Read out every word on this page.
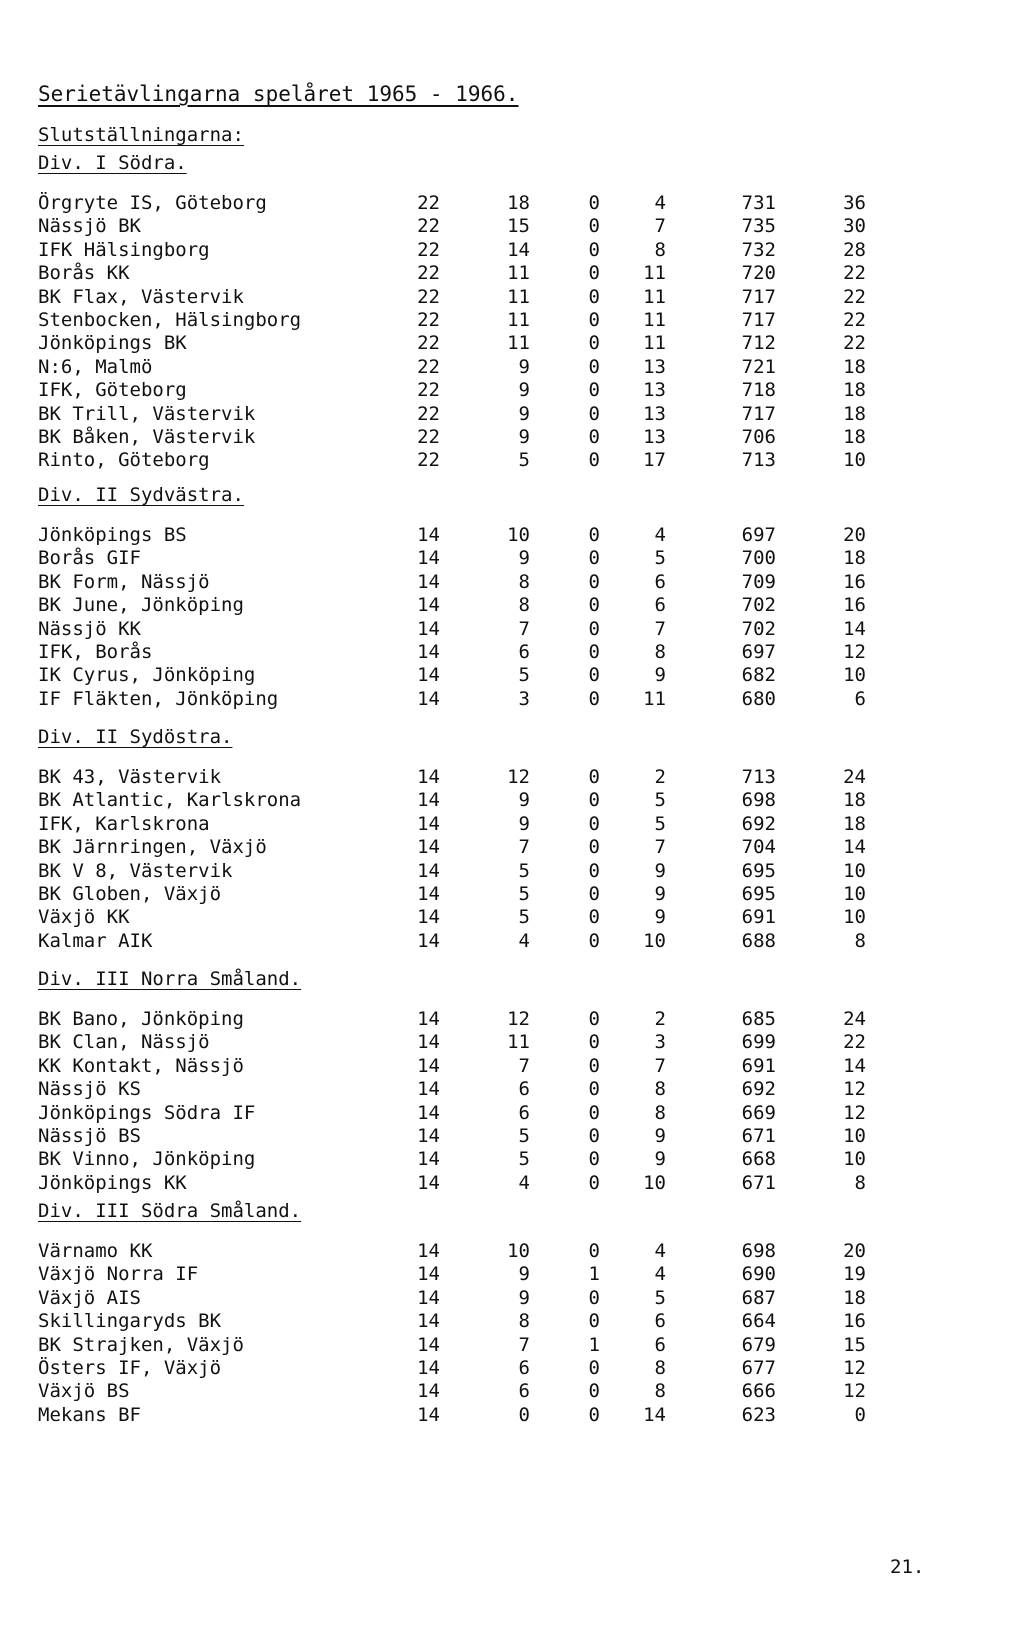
Serietävlingarna spelåret 1965 - 1966.
Slutställningarna:
Div. I Södra.
Örgryte IS, Göteborg	22	18	0	4	731	36
Nässjö BK	22	15	0	7	735	30
IFK Hälsingborg	22	14	0	8	732	28
Borås KK	22	11	0	11	720	22
BK Flax, Västervik	22	11	0	11	717	22
Stenbocken, Hälsingborg	22	11	0	11	717	22
Jönköpings BK	22	11	0	11	712	22
N:6, Malmö	22	9	0	13	721	18
IFK, Göteborg	22	9	0	13	718	18
BK Trill, Västervik	22	9	0	13	717	18
BK Båken, Västervik	22	9	0	13	706	18
Rinto, Göteborg	22	5	0	17	713	10
Div. II Sydvästra.
Jönköpings BS	14	10	0	4	697	20
Borås GIF	14	9	0	5	700	18
BK Form, Nässjö	14	8	0	6	709	16
BK June, Jönköping	14	8	0	6	702	16
Nässjö KK	14	7	0	7	702	14
IFK, Borås	14	6	0	8	697	12
IK Cyrus, Jönköping	14	5	0	9	682	10
IF Fläkten, Jönköping	14	3	0	11	680	6
Div. II Sydöstra.
BK 43, Västervik	14	12	0	2	713	24
BK Atlantic, Karlskrona	14	9	0	5	698	18
IFK, Karlskrona	14	9	0	5	692	18
BK Järnringen, Växjö	14	7	0	7	704	14
BK V 8, Västervik	14	5	0	9	695	10
BK Globen, Växjö	14	5	0	9	695	10
Växjö KK	14	5	0	9	691	10
Kalmar AIK	14	4	0	10	688	8
Div. III Norra Småland.
BK Bano, Jönköping	14	12	0	2	685	24
BK Clan, Nässjö	14	11	0	3	699	22
KK Kontakt, Nässjö	14	7	0	7	691	14
Nässjö KS	14	6	0	8	692	12
Jönköpings Södra IF	14	6	0	8	669	12
Nässjö BS	14	5	0	9	671	10
BK Vinno, Jönköping	14	5	0	9	668	10
Jönköpings KK	14	4	0	10	671	8
Div. III Södra Småland.
Värnamo KK	14	10	0	4	698	20
Växjö Norra IF	14	9	1	4	690	19
Växjö AIS	14	9	0	5	687	18
Skillingaryds BK	14	8	0	6	664	16
BK Strajken, Växjö	14	7	1	6	679	15
Östers IF, Växjö	14	6	0	8	677	12
Växjö BS	14	6	0	8	666	12
Mekans BF	14	0	0	14	623	0
21.
